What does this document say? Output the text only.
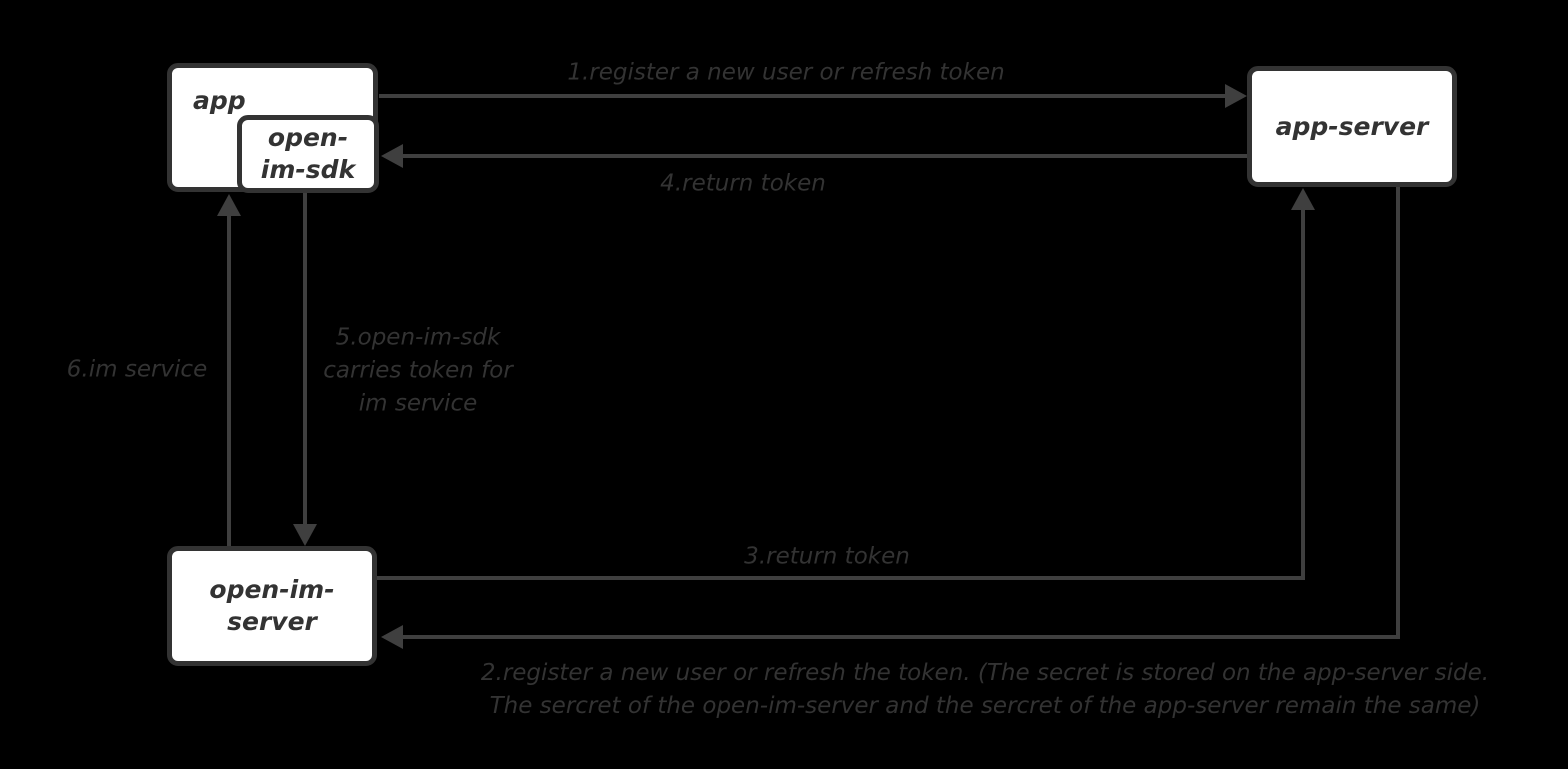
app
open-
im-sdk
app-server
open-im-
server
1.register a new user or refresh token
4.return token
5.open-im-sdk
carries token for
im service
6.im service
3.return token
2.register a new user or refresh the token. (The secret is stored on the app-server side.
The sercret of the open-im-server and the sercret of the app-server remain the same)
